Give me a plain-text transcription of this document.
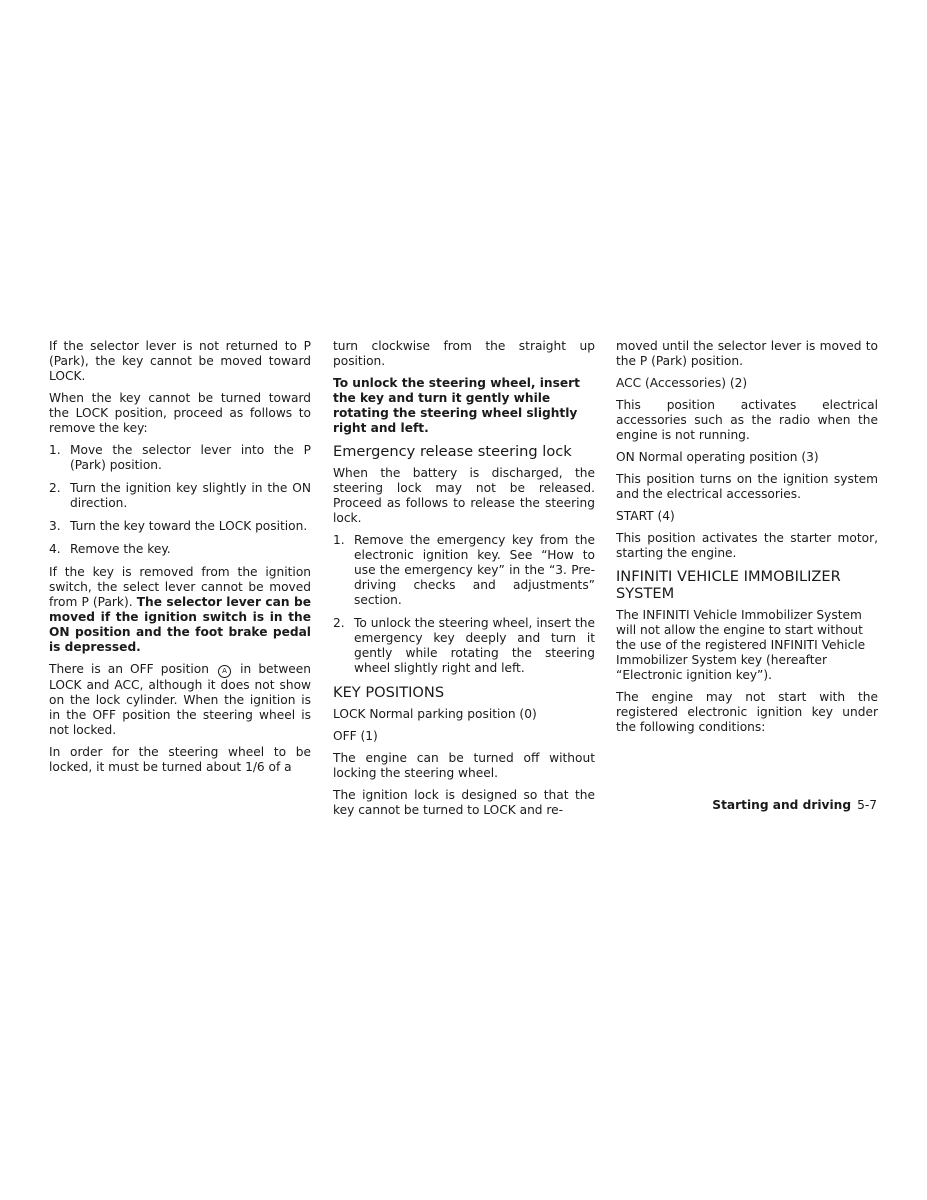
If the selector lever is not returned to P (Park), the key cannot be moved toward LOCK.

When the key cannot be turned toward the LOCK position, proceed as follows to remove the key:

1. Move the selector lever into the P (Park) position.
2. Turn the ignition key slightly in the ON direction.
3. Turn the key toward the LOCK position.
4. Remove the key.

If the key is removed from the ignition switch, the select lever cannot be moved from P (Park). The selector lever can be moved if the ignition switch is in the ON position and the foot brake pedal is depressed.

There is an OFF position A in between LOCK and ACC, although it does not show on the lock cylinder. When the ignition is in the OFF position the steering wheel is not locked.

In order for the steering wheel to be locked, it must be turned about 1/6 of a

turn clockwise from the straight up position.

To unlock the steering wheel, insert the key and turn it gently while rotating the steering wheel slightly right and left.

Emergency release steering lock

When the battery is discharged, the steering lock may not be released. Proceed as follows to release the steering lock.

1. Remove the emergency key from the electronic ignition key. See “How to use the emergency key” in the “3. Pre-driving checks and adjustments” section.
2. To unlock the steering wheel, insert the emergency key deeply and turn it gently while rotating the steering wheel slightly right and left.
KEY POSITIONS

LOCK Normal parking position (0)

OFF (1)

The engine can be turned off without locking the steering wheel.

The ignition lock is designed so that the key cannot be turned to LOCK and re-

moved until the selector lever is moved to the P (Park) position.

ACC (Accessories) (2)

This position activates electrical accessories such as the radio when the engine is not running.

ON Normal operating position (3)

This position turns on the ignition system and the electrical accessories.

START (4)

This position activates the starter motor, starting the engine.

INFINITI VEHICLE IMMOBILIZER SYSTEM

The INFINITI Vehicle Immobilizer System will not allow the engine to start without the use of the registered INFINITI Vehicle Immobilizer System key (hereafter “Electronic ignition key”).

The engine may not start with the registered electronic ignition key under the following conditions:

Starting and driving 5-7
